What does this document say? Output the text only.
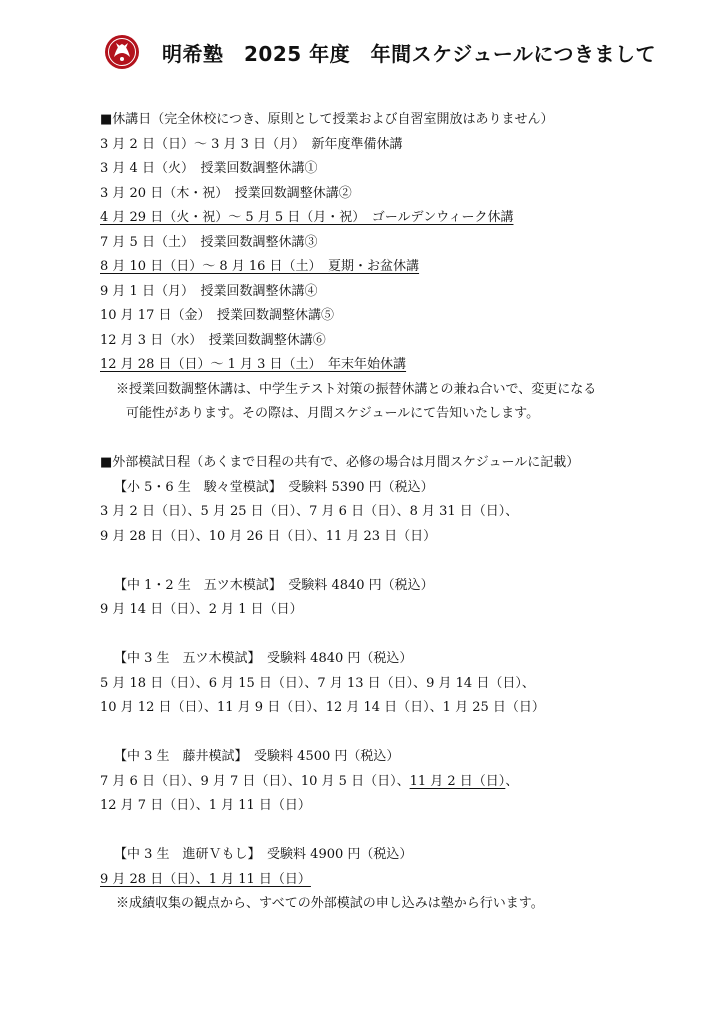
明希塾　2025 年度　年間スケジュールにつきまして
■休講日（完全休校につき、原則として授業および自習室開放はありません）
3 月 2 日（日）～ 3 月 3 日（月）　新年度準備休講
3 月 4 日（火）　授業回数調整休講①
3 月 20 日（木・祝）　授業回数調整休講②
4 月 29 日（火・祝）～ 5 月 5 日（月・祝）　ゴールデンウィーク休講
7 月 5 日（土）　授業回数調整休講③
8 月 10 日（日）～ 8 月 16 日（土）　夏期・お盆休講
9 月 1 日（月）　授業回数調整休講④
10 月 17 日（金）　授業回数調整休講⑤
12 月 3 日（水）　授業回数調整休講⑥
12 月 28 日（日）～ 1 月 3 日（土）　年末年始休講
※授業回数調整休講は、中学生テスト対策の振替休講との兼ね合いで、変更になる
可能性があります。その際は、月間スケジュールにて告知いたします。
■外部模試日程（あくまで日程の共有で、必修の場合は月間スケジュールに記載）
【小 5・6 生　駿々堂模試】　受験料 5390 円（税込）
3 月 2 日（日）、5 月 25 日（日）、7 月 6 日（日）、8 月 31 日（日）、
9 月 28 日（日）、10 月 26 日（日）、11 月 23 日（日）
【中 1・2 生　五ツ木模試】　受験料 4840 円（税込）
9 月 14 日（日）、2 月 1 日（日）
【中 3 生　五ツ木模試】　受験料 4840 円（税込）
5 月 18 日（日）、6 月 15 日（日）、7 月 13 日（日）、9 月 14 日（日）、
10 月 12 日（日）、11 月 9 日（日）、12 月 14 日（日）、1 月 25 日（日）
【中 3 生　藤井模試】　受験料 4500 円（税込）
7 月 6 日（日）、9 月 7 日（日）、10 月 5 日（日）、11 月 2 日（日）、
12 月 7 日（日）、1 月 11 日（日）
【中 3 生　進研Ｖもし】　受験料 4900 円（税込）
9 月 28 日（日）、1 月 11 日（日）
※成績収集の観点から、すべての外部模試の申し込みは塾から行います。
